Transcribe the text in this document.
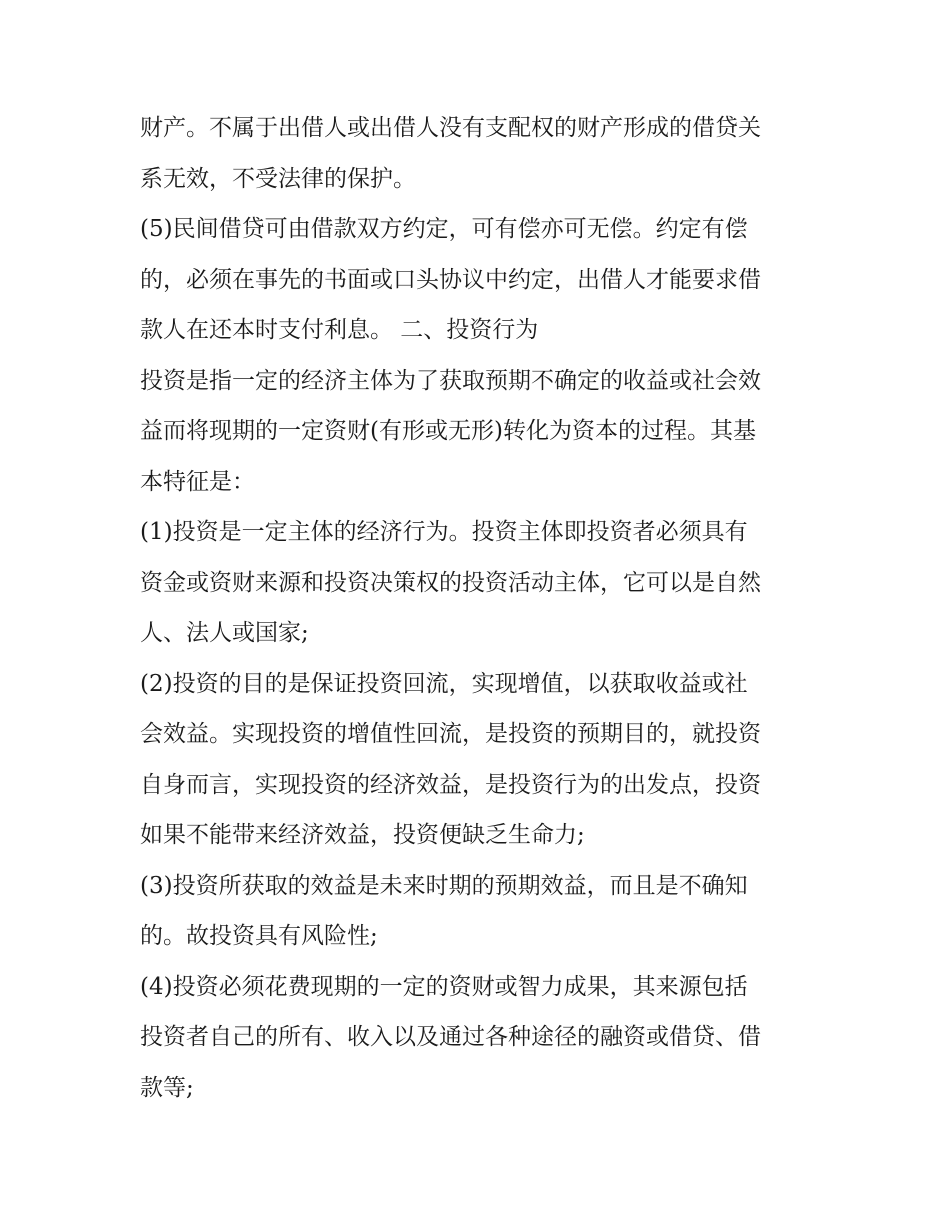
财产。不属于出借人或出借人没有支配权的财产形成的借贷关
系无效，不受法律的保护。
(5)民间借贷可由借款双方约定，可有偿亦可无偿。约定有偿
的，必须在事先的书面或口头协议中约定，出借人才能要求借
款人在还本时支付利息。 二、投资行为
投资是指一定的经济主体为了获取预期不确定的收益或社会效
益而将现期的一定资财(有形或无形)转化为资本的过程。其基
本特征是：
(1)投资是一定主体的经济行为。投资主体即投资者必须具有
资金或资财来源和投资决策权的投资活动主体，它可以是自然
人、法人或国家;
(2)投资的目的是保证投资回流，实现增值，以获取收益或社
会效益。实现投资的增值性回流，是投资的预期目的，就投资
自身而言，实现投资的经济效益，是投资行为的出发点，投资
如果不能带来经济效益，投资便缺乏生命力;
(3)投资所获取的效益是未来时期的预期效益，而且是不确知
的。故投资具有风险性;
(4)投资必须花费现期的一定的资财或智力成果，其来源包括
投资者自己的所有、收入以及通过各种途径的融资或借贷、借
款等;
